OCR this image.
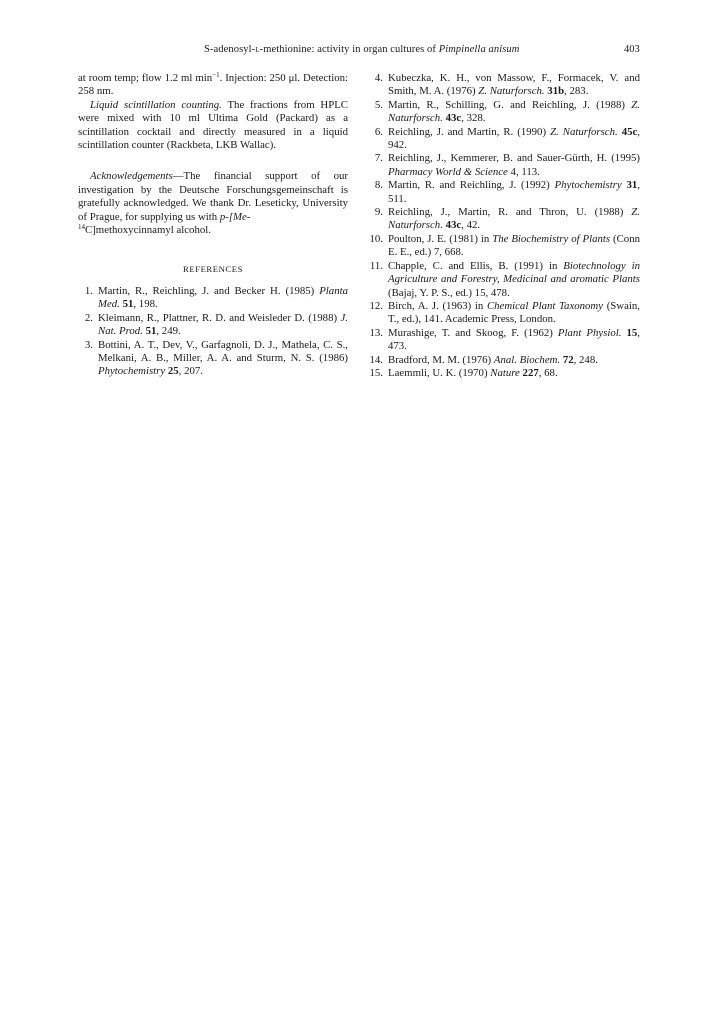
S-adenosyl-l-methionine: activity in organ cultures of Pimpinella anisum	403

at room temp; flow 1.2 ml $\min^{-1}$. Injection: 250 μl. Detection: 258 nm.

Liquid scintillation counting. The fractions from HPLC were mixed with 10 ml Ultima Gold (Packard) as a scintillation cocktail and directly measured in a liquid scintillation counter (Rackbeta, LKB Wallac).

Acknowledgements—The financial support of our investigation by the Deutsche Forschungsgemeinschaft is gratefully acknowledged. We thank Dr. Leseticky, University of Prague, for supplying us with p-[Me-
$^{14}$C]methoxycinnamyl alcohol.

REFERENCES
1. Martin, R., Reichling, J. and Becker H. (1985) Planta Med. 51, 198.
2. Kleimann, R., Plattner, R. D. and Weisleder D. (1988) J. Nat. Prod. 51, 249.
3. Bottini, A. T., Dev, V., Garfagnoli, D. J., Mathela, C. S., Melkani, A. B., Miller, A. A. and Sturm, N. S. (1986) Phytochemistry 25, 207.
4. Kubeczka, K. H., von Massow, F., Formacek, V. and Smith, M. A. (1976) Z. Naturforsch. 31b, 283.
5. Martin, R., Schilling, G. and Reichling, J. (1988) Z. Naturforsch. 43c, 328.
6. Reichling, J. and Martin, R. (1990) Z. Naturforsch. 45c, 942.
7. Reichling, J., Kemmerer, B. and Sauer-Gürth, H. (1995) Pharmacy World & Science 4, 113.
8. Martin, R. and Reichling, J. (1992) Phytochemistry 31, 511.
9. Reichling, J., Martin, R. and Thron, U. (1988) Z. Naturforsch. 43c, 42.
10. Poulton, J. E. (1981) in The Biochemistry of Plants (Conn E. E., ed.) 7, 668.
11. Chapple, C. and Ellis, B. (1991) in Biotechnology in Agriculture and Forestry, Medicinal and aromatic Plants (Bajaj, Y. P. S., ed.) 15, 478.
12. Birch, A. J. (1963) in Chemical Plant Taxonomy (Swain, T., ed.), 141. Academic Press, London.
13. Murashige, T. and Skoog, F. (1962) Plant Physiol. 15, 473.
14. Bradford, M. M. (1976) Anal. Biochem. 72, 248.
15. Laemmli, U. K. (1970) Nature 227, 68.
